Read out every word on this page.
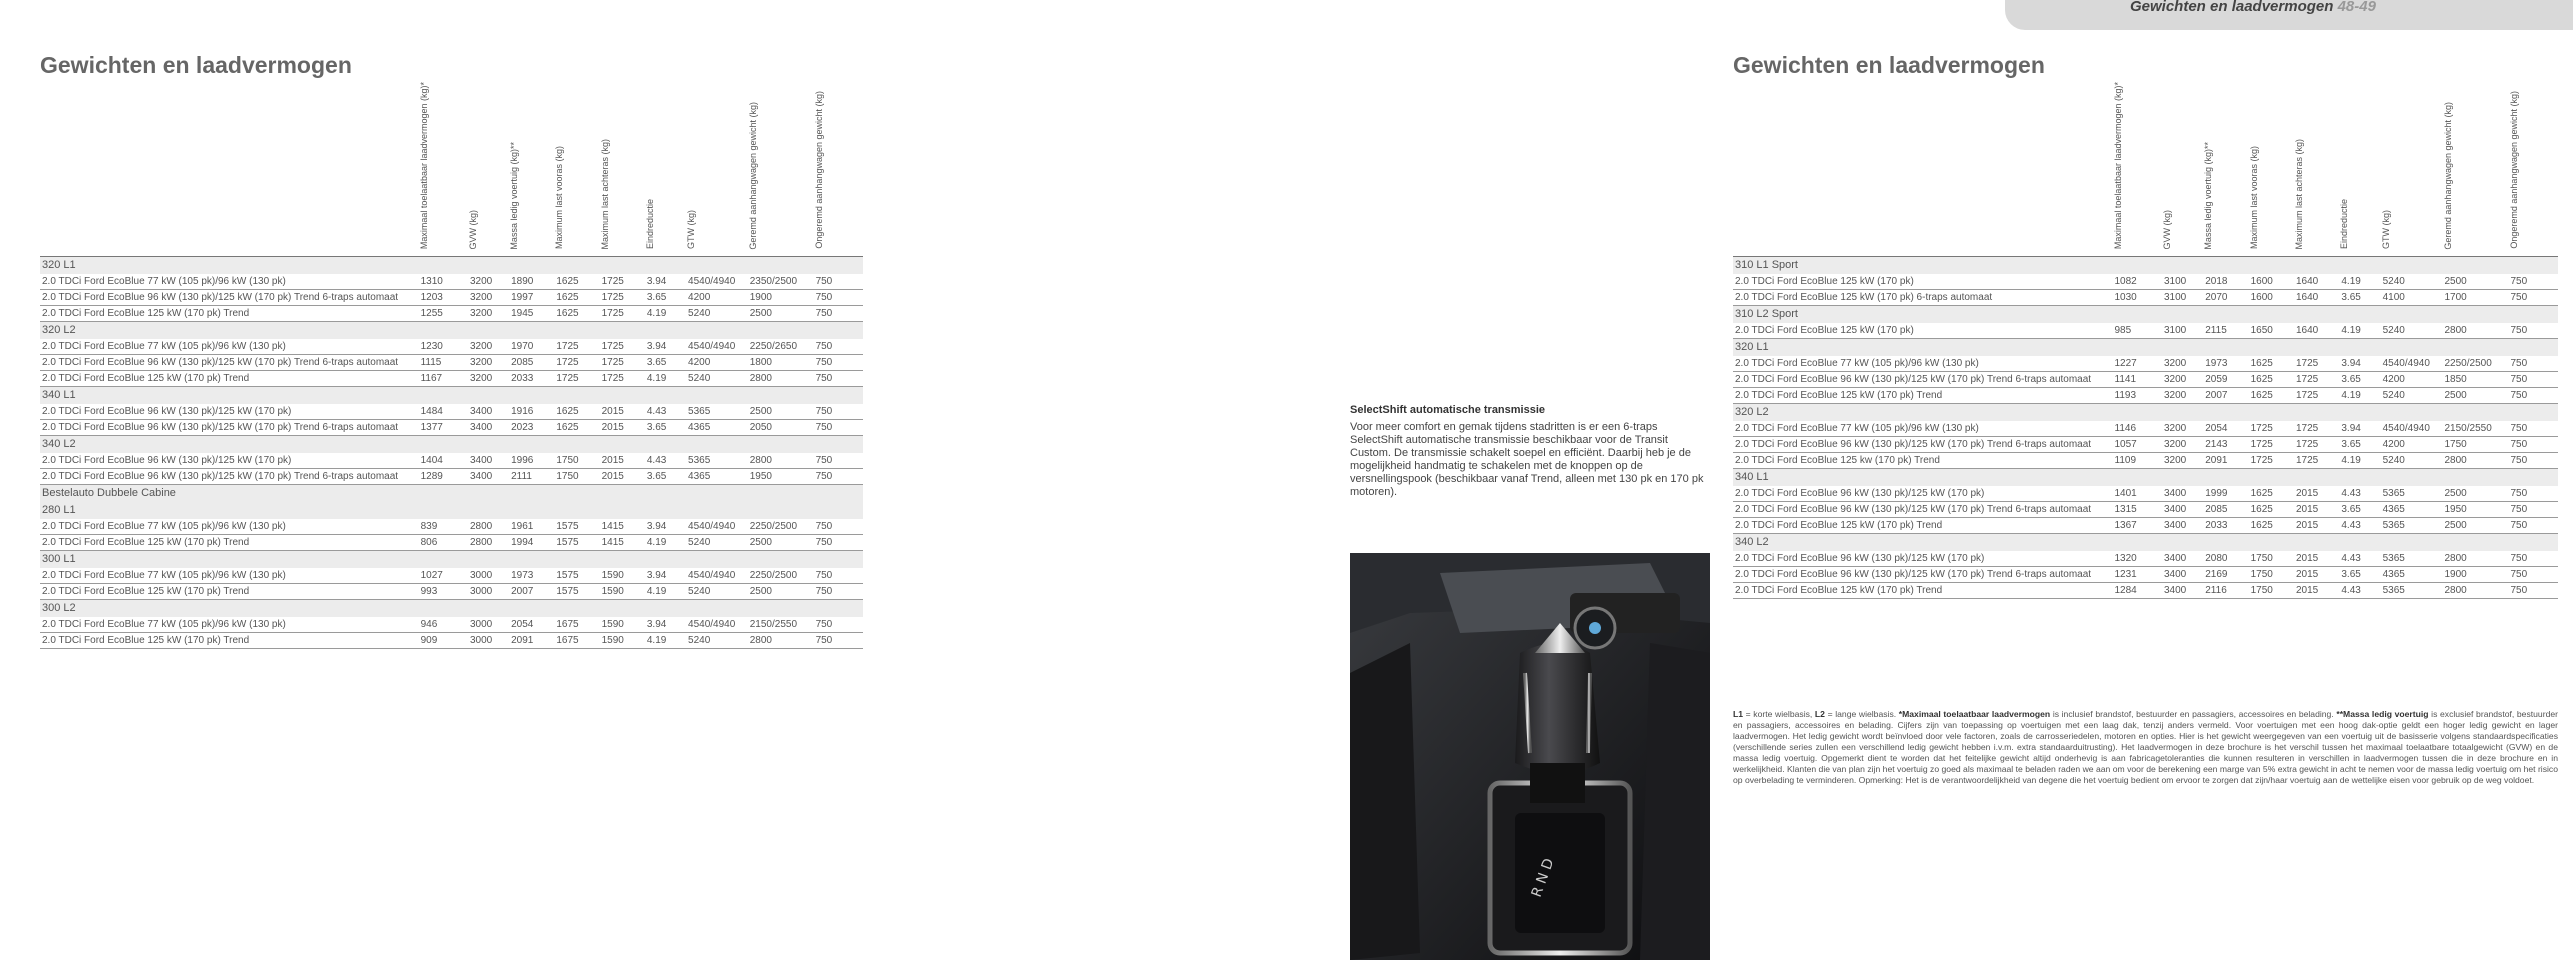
Gewichten en laadvermogen 48-49
Gewichten en laadvermogen
	Maximaal toelaatbaar laadvermogen (kg)*	GVW (kg)	Massa ledig voertuig (kg)**	Maximum last vooras (kg)	Maximum last achteras (kg)	Eindreductie	GTW (kg)	Geremd aanhangwagen gewicht (kg)	Ongeremd aanhangwagen gewicht (kg)
320 L1									
2.0 TDCi Ford EcoBlue 77 kW (105 pk)/96 kW (130 pk)	1310	3200	1890	1625	1725	3.94	4540/4940	2350/2500	750
2.0 TDCi Ford EcoBlue 96 kW (130 pk)/125 kW (170 pk) Trend 6-traps automaat	1203	3200	1997	1625	1725	3.65	4200	1900	750
2.0 TDCi Ford EcoBlue 125 kW (170 pk) Trend	1255	3200	1945	1625	1725	4.19	5240	2500	750
320 L2									
2.0 TDCi Ford EcoBlue 77 kW (105 pk)/96 kW (130 pk)	1230	3200	1970	1725	1725	3.94	4540/4940	2250/2650	750
2.0 TDCi Ford EcoBlue 96 kW (130 pk)/125 kW (170 pk) Trend 6-traps automaat	1115	3200	2085	1725	1725	3.65	4200	1800	750
2.0 TDCi Ford EcoBlue 125 kW (170 pk) Trend	1167	3200	2033	1725	1725	4.19	5240	2800	750
340 L1									
2.0 TDCi Ford EcoBlue 96 kW (130 pk)/125 kW (170 pk)	1484	3400	1916	1625	2015	4.43	5365	2500	750
2.0 TDCi Ford EcoBlue 96 kW (130 pk)/125 kW (170 pk) Trend 6-traps automaat	1377	3400	2023	1625	2015	3.65	4365	2050	750
340 L2									
2.0 TDCi Ford EcoBlue 96 kW (130 pk)/125 kW (170 pk)	1404	3400	1996	1750	2015	4.43	5365	2800	750
2.0 TDCi Ford EcoBlue 96 kW (130 pk)/125 kW (170 pk) Trend 6-traps automaat	1289	3400	2111	1750	2015	3.65	4365	1950	750
Bestelauto Dubbele Cabine									
280 L1									
2.0 TDCi Ford EcoBlue 77 kW (105 pk)/96 kW (130 pk)	839	2800	1961	1575	1415	3.94	4540/4940	2250/2500	750
2.0 TDCi Ford EcoBlue 125 kW (170 pk) Trend	806	2800	1994	1575	1415	4.19	5240	2500	750
300 L1									
2.0 TDCi Ford EcoBlue 77 kW (105 pk)/96 kW (130 pk)	1027	3000	1973	1575	1590	3.94	4540/4940	2250/2500	750
2.0 TDCi Ford EcoBlue 125 kW (170 pk) Trend	993	3000	2007	1575	1590	4.19	5240	2500	750
300 L2									
2.0 TDCi Ford EcoBlue 77 kW (105 pk)/96 kW (130 pk)	946	3000	2054	1675	1590	3.94	4540/4940	2150/2550	750
2.0 TDCi Ford EcoBlue 125 kW (170 pk) Trend	909	3000	2091	1675	1590	4.19	5240	2800	750
SelectShift automatische transmissie
Voor meer comfort en gemak tijdens stadritten is er een 6-traps SelectShift automatische transmissie beschikbaar voor de Transit Custom. De transmissie schakelt soepel en efficiënt. Daarbij heb je de mogelijkheid handmatig te schakelen met de knoppen op de versnellingspook (beschikbaar vanaf Trend, alleen met 130 pk en 170 pk motoren).
R N D
Gewichten en laadvermogen
	Maximaal toelaatbaar laadvermogen (kg)*	GVW (kg)	Massa ledig voertuig (kg)**	Maximum last vooras (kg)	Maximum last achteras (kg)	Eindreductie	GTW (kg)	Geremd aanhangwagen gewicht (kg)	Ongeremd aanhangwagen gewicht (kg)
310 L1 Sport									
2.0 TDCi Ford EcoBlue 125 kW (170 pk)	1082	3100	2018	1600	1640	4.19	5240	2500	750
2.0 TDCi Ford EcoBlue 125 kW (170 pk) 6-traps automaat	1030	3100	2070	1600	1640	3.65	4100	1700	750
310 L2 Sport									
2.0 TDCi Ford EcoBlue 125 kW (170 pk)	985	3100	2115	1650	1640	4.19	5240	2800	750
320 L1									
2.0 TDCi Ford EcoBlue 77 kW (105 pk)/96 kW (130 pk)	1227	3200	1973	1625	1725	3.94	4540/4940	2250/2500	750
2.0 TDCi Ford EcoBlue 96 kW (130 pk)/125 kW (170 pk) Trend 6-traps automaat	1141	3200	2059	1625	1725	3.65	4200	1850	750
2.0 TDCi Ford EcoBlue 125 kW (170 pk) Trend	1193	3200	2007	1625	1725	4.19	5240	2500	750
320 L2									
2.0 TDCi Ford EcoBlue 77 kW (105 pk)/96 kW (130 pk)	1146	3200	2054	1725	1725	3.94	4540/4940	2150/2550	750
2.0 TDCi Ford EcoBlue 96 kW (130 pk)/125 kW (170 pk) Trend 6-traps automaat	1057	3200	2143	1725	1725	3.65	4200	1750	750
2.0 TDCi Ford EcoBlue 125 kw (170 pk) Trend	1109	3200	2091	1725	1725	4.19	5240	2800	750
340 L1									
2.0 TDCi Ford EcoBlue 96 kW (130 pk)/125 kW (170 pk)	1401	3400	1999	1625	2015	4.43	5365	2500	750
2.0 TDCi Ford EcoBlue 96 kW (130 pk)/125 kW (170 pk) Trend 6-traps automaat	1315	3400	2085	1625	2015	3.65	4365	1950	750
2.0 TDCi Ford EcoBlue 125 kW (170 pk) Trend	1367	3400	2033	1625	2015	4.43	5365	2500	750
340 L2									
2.0 TDCi Ford EcoBlue 96 kW (130 pk)/125 kW (170 pk)	1320	3400	2080	1750	2015	4.43	5365	2800	750
2.0 TDCi Ford EcoBlue 96 kW (130 pk)/125 kW (170 pk) Trend 6-traps automaat	1231	3400	2169	1750	2015	3.65	4365	1900	750
2.0 TDCi Ford EcoBlue 125 kW (170 pk) Trend	1284	3400	2116	1750	2015	4.43	5365	2800	750
L1 = korte wielbasis, L2 = lange wielbasis. *Maximaal toelaatbaar laadvermogen is inclusief brandstof, bestuurder en passagiers, accessoires en belading. **Massa ledig voertuig is exclusief brandstof, bestuurder en passagiers, accessoires en belading. Cijfers zijn van toepassing op voertuigen met een laag dak, tenzij anders vermeld. Voor voertuigen met een hoog dak-optie geldt een hoger ledig gewicht en lager laadvermogen. Het ledig gewicht wordt beïnvloed door vele factoren, zoals de carrosseriedelen, motoren en opties. Hier is het gewicht weergegeven van een voertuig uit de basisserie volgens standaardspecificaties (verschillende series zullen een verschillend ledig gewicht hebben i.v.m. extra standaarduitrusting). Het laadvermogen in deze brochure is het verschil tussen het maximaal toelaatbare totaalgewicht (GVW) en de massa ledig voertuig. Opgemerkt dient te worden dat het feitelijke gewicht altijd onderhevig is aan fabricagetoleranties die kunnen resulteren in verschillen in laadvermogen tussen die in deze brochure en in werkelijkheid. Klanten die van plan zijn het voertuig zo goed als maximaal te beladen raden we aan om voor de berekening een marge van 5% extra gewicht in acht te nemen voor de massa ledig voertuig om het risico op overbelading te verminderen. Opmerking: Het is de verantwoordelijkheid van degene die het voertuig bedient om ervoor te zorgen dat zijn/haar voertuig aan de wettelijke eisen voor gebruik op de weg voldoet.
